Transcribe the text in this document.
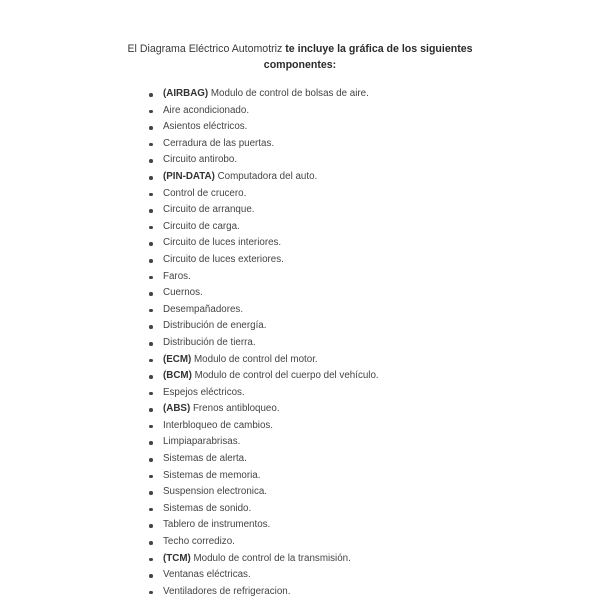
El Diagrama Eléctrico Automotriz te incluye la gráfica de los siguientes
componentes:
(AIRBAG) Modulo de control de bolsas de aire.
Aire acondicionado.
Asientos eléctricos.
Cerradura de las puertas.
Circuito antirobo.
(PIN-DATA) Computadora del auto.
Control de crucero.
Circuito de arranque.
Circuito de carga.
Circuito de luces interiores.
Circuito de luces exteriores.
Faros.
Cuernos.
Desempañadores.
Distribución de energía.
Distribución de tierra.
(ECM) Modulo de control del motor.
(BCM) Modulo de control del cuerpo del vehículo.
Espejos eléctricos.
(ABS) Frenos antibloqueo.
Interbloqueo de cambios.
Limpiaparabrisas.
Sistemas de alerta.
Sistemas de memoria.
Suspension electronica.
Sistemas de sonido.
Tablero de instrumentos.
Techo corredizo.
(TCM) Modulo de control de la transmisión.
Ventanas eléctricas.
Ventiladores de refrigeracion.
